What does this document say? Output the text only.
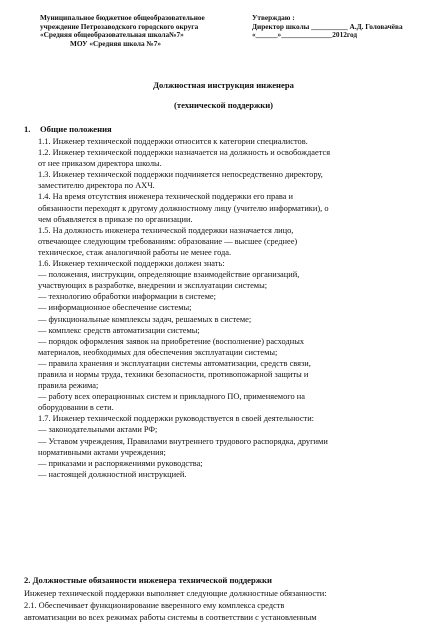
Муниципальное бюджетное общеобразовательное
учреждение Петрозаводского городского округа
«Средняя общеобразовательная школа№7»
МОУ «Средняя школа №7»
Утверждаю :
Директор школы __________ А.Д. Головачёва
«______»______________2012год
Должностная инструкция инженера
(технической поддержки)
1. Общие положения
1.1. Инженер технической поддержки относится к категории специалистов.
1.2. Инженер технической поддержки назначается на должность и освобождается
от нее приказом директора школы.
1.3. Инженер технической поддержки подчиняется непосредственно директору,
заместителю директора по АХЧ.
1.4. На время отсутствия инженера технической поддержки его права и
обязанности переходят к другому должностному лицу (учителю информатики), о
чем объявляется в приказе по организации.
1.5. На должность инженера технической поддержки назначается лицо,
отвечающее следующим требованиям: образование — высшее (среднее)
техническое, стаж аналогичной работы не менее года.
1.6. Инженер технической поддержки должен знать:
— положения, инструкции, определяющие взаимодействие организаций,
участвующих в разработке, внедрении и эксплуатации системы;
— технологию обработки информации в системе;
— информационное обеспечение системы;
— функциональные комплексы задач, решаемых в системе;
— комплекс средств автоматизации системы;
— порядок оформления заявок на приобретение (восполнение) расходных
материалов, необходимых для обеспечения эксплуатации системы;
— правила хранения и эксплуатации системы автоматизации, средств связи,
правила и нормы труда, техники безопасности, противопожарной защиты и
правила режима;
— работу всех операционных систем и прикладного ПО, применяемого на
оборудовании в сети.
1.7. Инженер технической поддержки руководствуется в своей деятельности:
— законодательными актами РФ;
— Уставом учреждения, Правилами внутреннего трудового распорядка, другими
нормативными актами учреждения;
— приказами и распоряжениями руководства;
— настоящей должностной инструкцией.
2. Должностные обязанности инженера технической поддержки
Инженер технической поддержки выполняет следующие должностные обязанности:
2.1. Обеспечивает функционирование вверенного ему комплекса средств
автоматизации во всех режимах работы системы в соответствии с установленным
